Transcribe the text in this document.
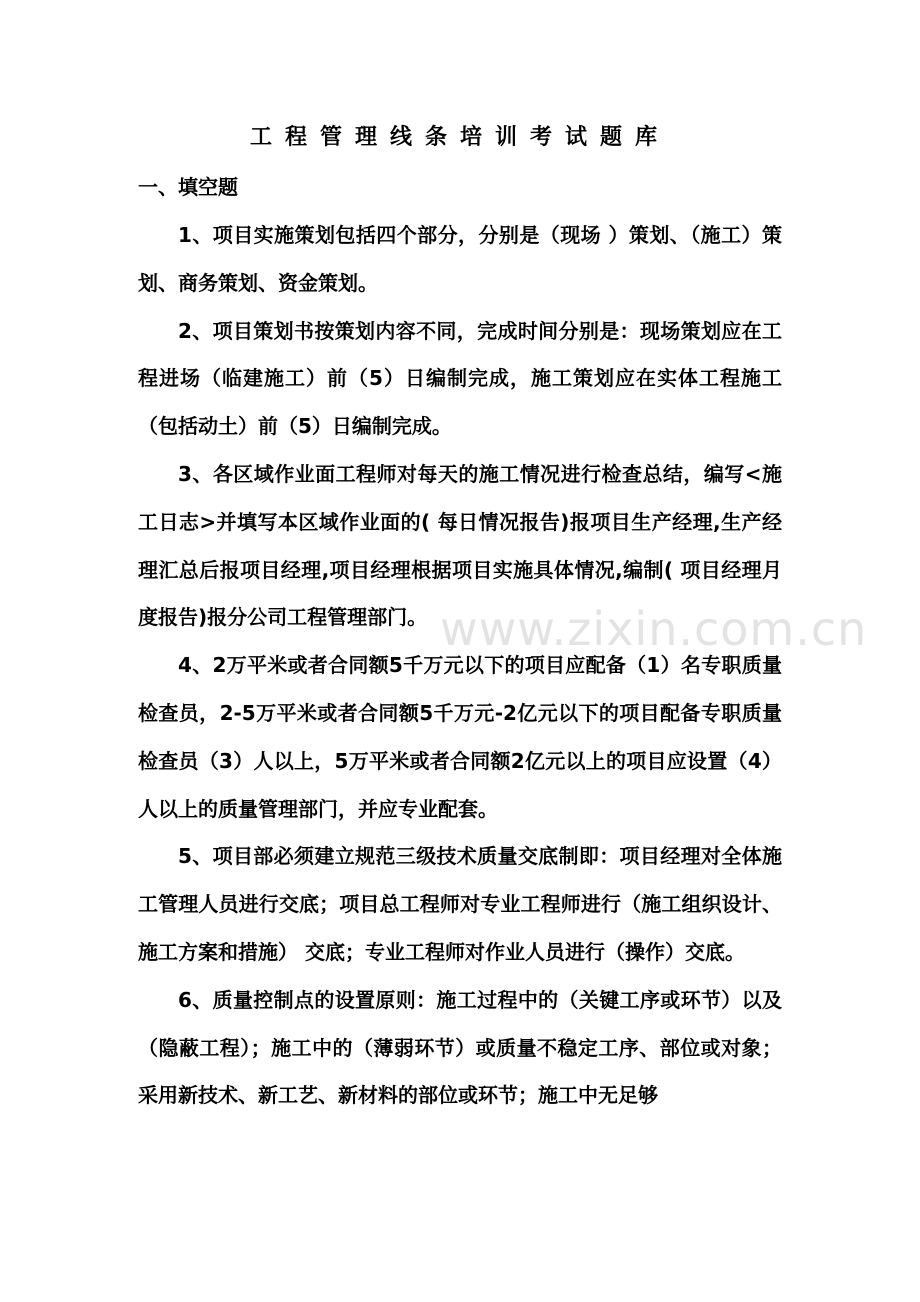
www.zixin.com.cn
工程管理线条培训考试题库
一、填空题

1、项目实施策划包括四个部分，分别是（现场 ）策划、（施工）策划、商务策划、资金策划。

2、项目策划书按策划内容不同，完成时间分别是：现场策划应在工程进场（临建施工）前（5）日编制完成，施工策划应在实体工程施工（包括动土）前（5）日编制完成。

3、各区域作业面工程师对每天的施工情况进行检查总结，编写<施工日志>并填写本区域作业面的( 每日情况报告)报项目生产经理,生产经理汇总后报项目经理,项目经理根据项目实施具体情况,编制( 项目经理月度报告)报分公司工程管理部门。

4、2万平米或者合同额5千万元以下的项目应配备（1）名专职质量检查员，2-5万平米或者合同额5千万元-2亿元以下的项目配备专职质量检查员（3）人以上，5万平米或者合同额2亿元以上的项目应设置（4）人以上的质量管理部门，并应专业配套。

5、项目部必须建立规范三级技术质量交底制即：项目经理对全体施工管理人员进行交底；项目总工程师对专业工程师进行（施工组织设计、施工方案和措施） 交底；专业工程师对作业人员进行（操作）交底。

6、质量控制点的设置原则：施工过程中的（关键工序或环节）以及（隐蔽工程）；施工中的（薄弱环节）或质量不稳定工序、部位或对象；采用新技术、新工艺、新材料的部位或环节；施工中无足够
